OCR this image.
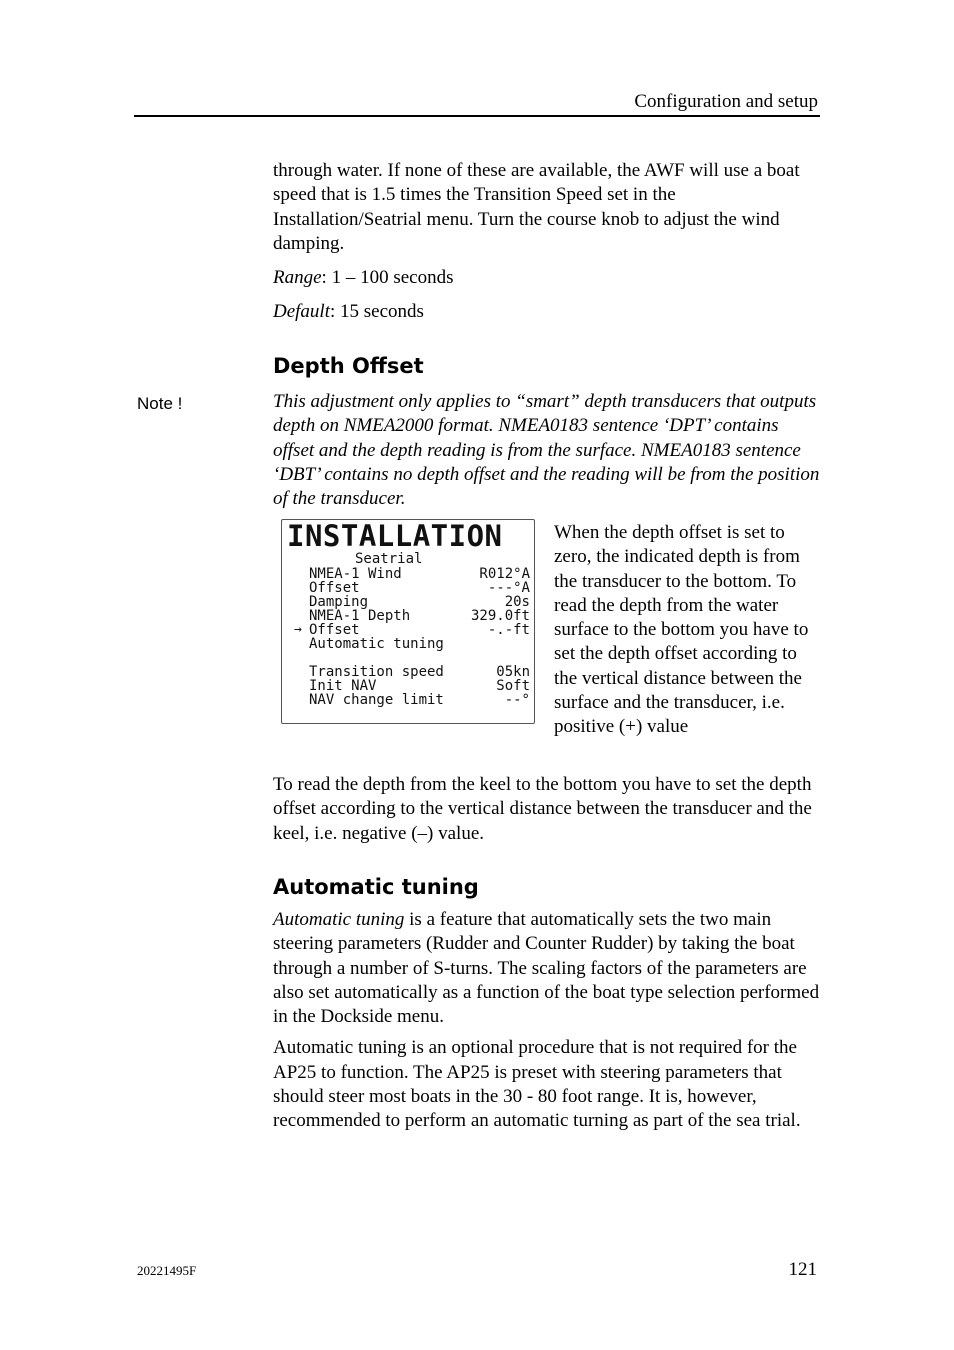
Configuration and setup

through water. If none of these are available, the AWF will use a boat speed that is 1.5 times the Transition Speed set in the Installation/Seatrial menu. Turn the course knob to adjust the wind damping.

Range: 1 – 100 seconds

Default: 15 seconds

Depth Offset
Note !	This adjustment only applies to “smart” depth transducers that outputs depth on NMEA2000 format. NMEA0183 sentence ‘DPT’ contains offset and the depth reading is from the surface. NMEA0183 sentence ‘DBT’ contains no depth offset and the reading will be from the position of the transducer.
INSTALLATION
Seatrial
NMEA-1 Wind	R012°A
Offset	---°A
Damping	20s
NMEA-1 Depth	329.0ft
→ Offset	-.-ft
Automatic tuning
Transition speed	05kn
Init NAV	Soft
NAV change limit	--°
When the depth offset is set to zero, the indicated depth is from the transducer to the bottom. To read the depth from the water surface to the bottom you have to set the depth offset according to the vertical distance between the surface and the transducer, i.e. positive (+) value
To read the depth from the keel to the bottom you have to set the depth offset according to the vertical distance between the transducer and the keel, i.e. negative (–) value.
Automatic tuning

Automatic tuning is a feature that automatically sets the two main steering parameters (Rudder and Counter Rudder) by taking the boat through a number of S-turns. The scaling factors of the parameters are also set automatically as a function of the boat type selection performed in the Dockside menu.

Automatic tuning is an optional procedure that is not required for the AP25 to function. The AP25 is preset with steering parameters that should steer most boats in the 30 - 80 foot range. It is, however, recommended to perform an automatic turning as part of the sea trial.

20221495F	121
